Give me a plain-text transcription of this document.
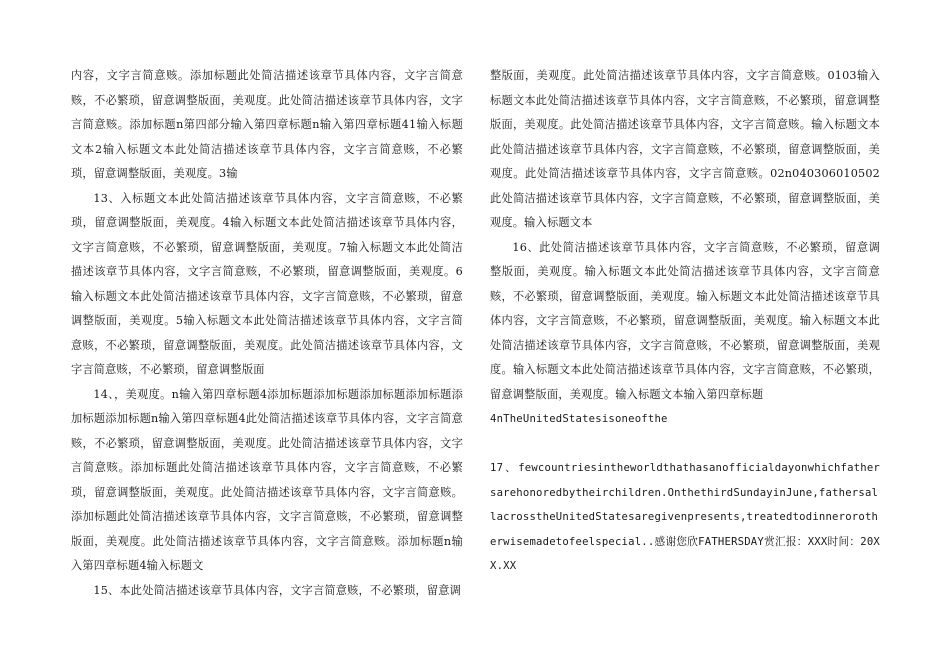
内容，文字言简意赅。添加标题此处简洁描述该章节具体内容，文字言简意赅，不必繁琐，留意调整版面，美观度。此处简洁描述该章节具体内容，文字言简意赅。添加标题n第四部分输入第四章标题n输入第四章标题41输入标题文本2输入标题文本此处简洁描述该章节具体内容，文字言简意赅，不必繁琐，留意调整版面，美观度。3输

13、入标题文本此处简洁描述该章节具体内容，文字言简意赅，不必繁琐，留意调整版面，美观度。4输入标题文本此处简洁描述该章节具体内容，文字言简意赅，不必繁琐，留意调整版面，美观度。7输入标题文本此处简洁描述该章节具体内容，文字言简意赅，不必繁琐，留意调整版面，美观度。6输入标题文本此处简洁描述该章节具体内容，文字言简意赅，不必繁琐，留意调整版面，美观度。5输入标题文本此处简洁描述该章节具体内容，文字言简意赅，不必繁琐，留意调整版面，美观度。此处简洁描述该章节具体内容，文字言简意赅，不必繁琐，留意调整版面

14、，美观度。n输入第四章标题4添加标题添加标题添加标题添加标题添加标题添加标题n输入第四章标题4此处简洁描述该章节具体内容，文字言简意赅，不必繁琐，留意调整版面，美观度。此处简洁描述该章节具体内容，文字言简意赅。添加标题此处简洁描述该章节具体内容，文字言简意赅，不必繁琐，留意调整版面，美观度。此处简洁描述该章节具体内容，文字言简意赅。添加标题此处简洁描述该章节具体内容，文字言简意赅，不必繁琐，留意调整版面，美观度。此处简洁描述该章节具体内容，文字言简意赅。添加标题n输入第四章标题4输入标题文

15、本此处简洁描述该章节具体内容，文字言简意赅，不必繁琐，留意调

整版面，美观度。此处简洁描述该章节具体内容，文字言简意赅。0103输入标题文本此处简洁描述该章节具体内容，文字言简意赅，不必繁琐，留意调整版面，美观度。此处简洁描述该章节具体内容，文字言简意赅。输入标题文本此处简洁描述该章节具体内容，文字言简意赅，不必繁琐，留意调整版面，美观度。此处简洁描述该章节具体内容，文字言简意赅。02n040306010502此处简洁描述该章节具体内容，文字言简意赅，不必繁琐，留意调整版面，美观度。输入标题文本

16、此处简洁描述该章节具体内容，文字言简意赅，不必繁琐，留意调整版面，美观度。输入标题文本此处简洁描述该章节具体内容，文字言简意赅，不必繁琐，留意调整版面，美观度。输入标题文本此处简洁描述该章节具体内容，文字言简意赅，不必繁琐，留意调整版面，美观度。输入标题文本此处简洁描述该章节具体内容，文字言简意赅，不必繁琐，留意调整版面，美观度。输入标题文本此处简洁描述该章节具体内容，文字言简意赅，不必繁琐，留意调整版面，美观度。输入标题文本输入第四章标题

4nTheUnitedStatesisoneofthe

17、fewcountriesintheworldthathasanofficialdayonwhichfathersarehonoredbytheirchildren.OnthethirdSundayinJune,fathersallacrosstheUnitedStatesaregivenpresents,treatedtodinnerorotherwisemadetofeelspecial..感谢您欣FATHERSDAY赏汇报：XXX时间：20XX.XX
